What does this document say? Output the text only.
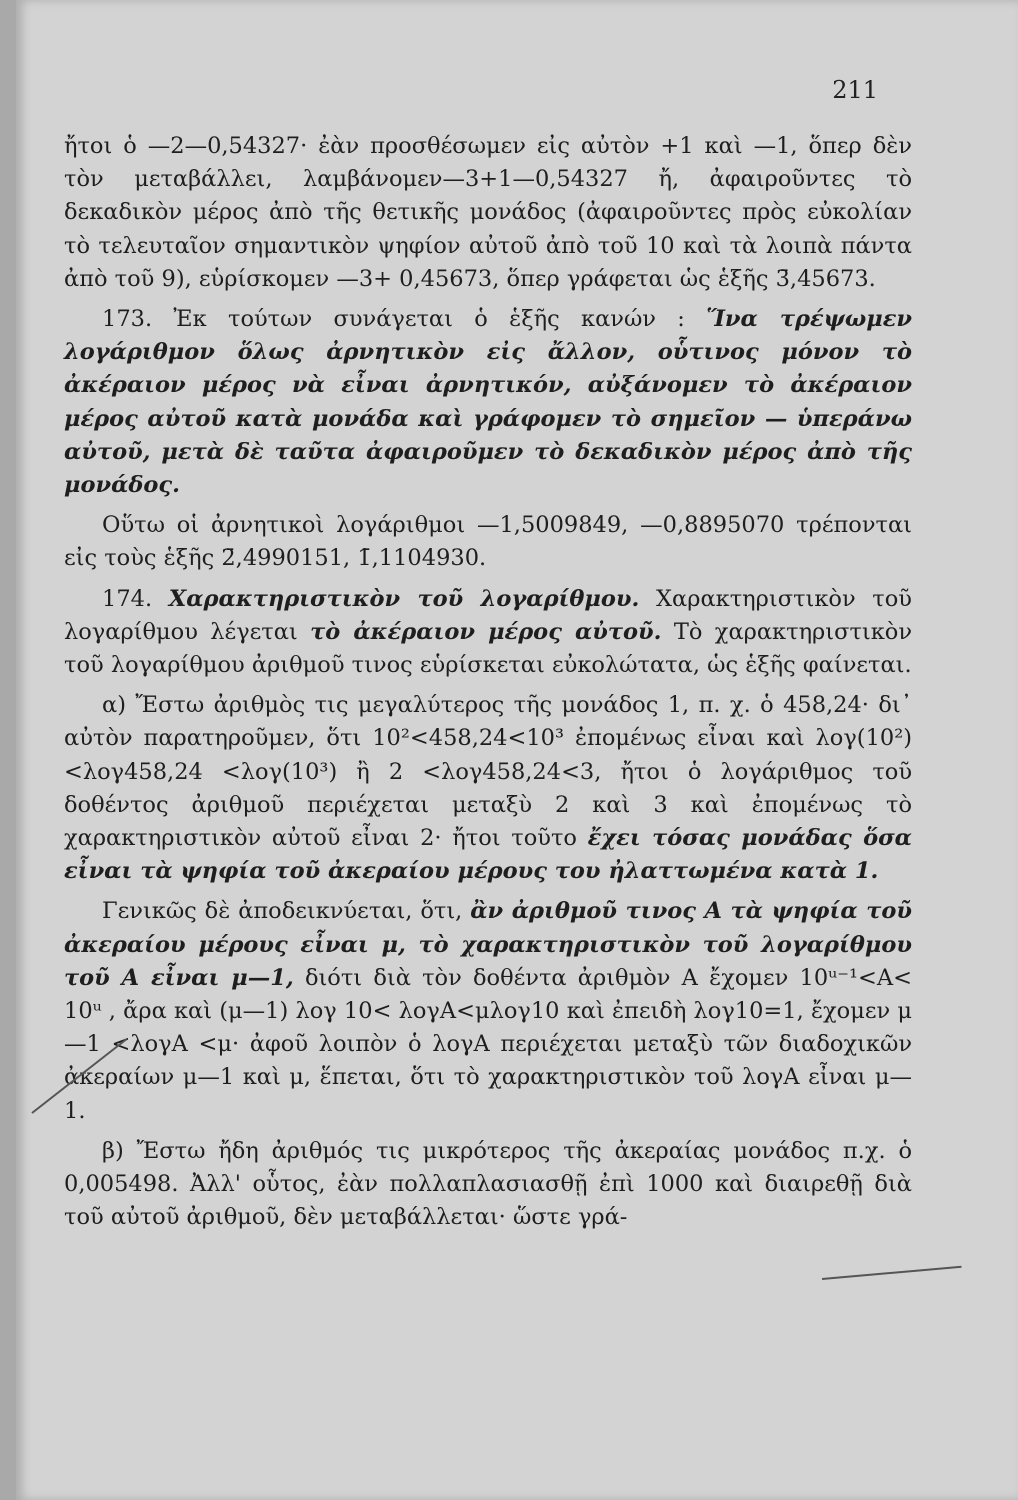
211

ἤτοι ὁ —2—0,54327· ἐὰν προσθέσωμεν εἰς αὐτὸν +1 καὶ —1, ὅπερ δὲν τὸν μεταβάλλει, λαμβάνομεν—3+1—0,54327 ἤ, ἀφαιροῦντες τὸ δεκαδικὸν μέρος ἀπὸ τῆς θετικῆς μονάδος (ἀφαιροῦντες πρὸς εὐκολίαν τὸ τελευταῖον σημαντικὸν ψηφίον αὐτοῦ ἀπὸ τοῦ 10 καὶ τὰ λοιπὰ πάντα ἀπὸ τοῦ 9), εὑρίσκομεν —3+ 0,45673, ὅπερ γράφεται ὡς ἑξῆς 3̄,45673.

173. Ἐκ τούτων συνάγεται ὁ ἑξῆς κανών : Ἵνα τρέψωμεν λογάριθμον ὅλως ἀρνητικὸν εἰς ἄλλον, οὗτινος μόνον τὸ ἀκέραιον μέρος νὰ εἶναι ἀρνητικόν, αὐξάνομεν τὸ ἀκέραιον μέρος αὐτοῦ κατὰ μονάδα καὶ γράφομεν τὸ σημεῖον — ὑπεράνω αὐτοῦ, μετὰ δὲ ταῦτα ἀφαιροῦμεν τὸ δεκαδικὸν μέρος ἀπὸ τῆς μονάδος.

Οὕτω οἱ ἀρνητικοὶ λογάριθμοι —1,5009849, —0,8895070 τρέπονται εἰς τοὺς ἑξῆς 2̄,4990151, 1̄,1104930.

174. Χαρακτηριστικὸν τοῦ λογαρίθμου. Χαρακτηριστικὸν τοῦ λογαρίθμου λέγεται τὸ ἀκέραιον μέρος αὐτοῦ. Τὸ χαρακτηριστικὸν τοῦ λογαρίθμου ἀριθμοῦ τινος εὑρίσκεται εὐκολώτατα, ὡς ἑξῆς φαίνεται.

α) Ἔστω ἀριθμὸς τις μεγαλύτερος τῆς μονάδος 1, π. χ. ὁ 458,24· δι᾽ αὐτὸν παρατηροῦμεν, ὅτι 10²<458,24<10³ ἐπομένως εἶναι καὶ λογ(10²)<λογ458,24 <λογ(10³) ἢ 2 <λογ458,24<3, ἤτοι ὁ λογάριθμος τοῦ δοθέντος ἀριθμοῦ περιέχεται μεταξὺ 2 καὶ 3 καὶ ἐπομένως τὸ χαρακτηριστικὸν αὐτοῦ εἶναι 2· ἤτοι τοῦτο ἔχει τόσας μονάδας ὅσα εἶναι τὰ ψηφία τοῦ ἀκεραίου μέρους του ἠλαττωμένα κατὰ 1.

Γενικῶς δὲ ἀποδεικνύεται, ὅτι, ἂν ἀριθμοῦ τινος Α τὰ ψηφία τοῦ ἀκεραίου μέρους εἶναι μ, τὸ χαρακτηριστικὸν τοῦ λογαρίθμου τοῦ Α εἶναι μ—1, διότι διὰ τὸν δοθέντα ἀριθμὸν Α ἔχομεν 10ᵘ⁻¹<Α< 10ᵘ , ἄρα καὶ (μ—1) λογ 10< λογΑ<μλογ10 καὶ ἐπειδὴ λογ10=1, ἔχομεν μ—1 <λογΑ <μ· ἀφοῦ λοιπὸν ὁ λογΑ περιέχεται μεταξὺ τῶν διαδοχικῶν ἀκεραίων μ—1 καὶ μ, ἕπεται, ὅτι τὸ χαρακτηριστικὸν τοῦ λογΑ εἶναι μ—1.

β) Ἔστω ἤδη ἀριθμός τις μικρότερος τῆς ἀκεραίας μονάδος π.χ. ὁ 0,005498. Ἀλλ' οὗτος, ἐὰν πολλαπλασιασθῇ ἐπὶ 1000 καὶ διαιρεθῇ διὰ τοῦ αὐτοῦ ἀριθμοῦ, δὲν μεταβάλλεται· ὥστε γρά-
